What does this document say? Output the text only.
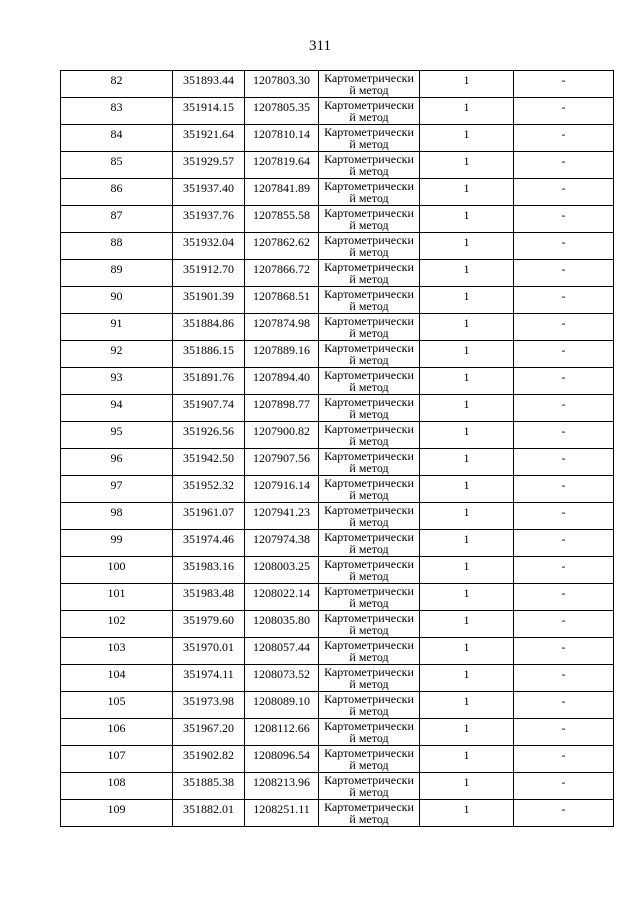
311
82	351893.44	1207803.30	Картометрически
й метод	1	-

83	351914.15	1207805.35	Картометрически
й метод	1	-

84	351921.64	1207810.14	Картометрически
й метод	1	-

85	351929.57	1207819.64	Картометрически
й метод	1	-

86	351937.40	1207841.89	Картометрически
й метод	1	-

87	351937.76	1207855.58	Картометрически
й метод	1	-

88	351932.04	1207862.62	Картометрически
й метод	1	-

89	351912.70	1207866.72	Картометрически
й метод	1	-

90	351901.39	1207868.51	Картометрически
й метод	1	-

91	351884.86	1207874.98	Картометрически
й метод	1	-

92	351886.15	1207889.16	Картометрически
й метод	1	-

93	351891.76	1207894.40	Картометрически
й метод	1	-

94	351907.74	1207898.77	Картометрически
й метод	1	-

95	351926.56	1207900.82	Картометрически
й метод	1	-

96	351942.50	1207907.56	Картометрически
й метод	1	-

97	351952.32	1207916.14	Картометрически
й метод	1	-

98	351961.07	1207941.23	Картометрически
й метод	1	-

99	351974.46	1207974.38	Картометрически
й метод	1	-

100	351983.16	1208003.25	Картометрически
й метод	1	-

101	351983.48	1208022.14	Картометрически
й метод	1	-

102	351979.60	1208035.80	Картометрически
й метод	1	-

103	351970.01	1208057.44	Картометрически
й метод	1	-

104	351974.11	1208073.52	Картометрически
й метод	1	-

105	351973.98	1208089.10	Картометрически
й метод	1	-

106	351967.20	1208112.66	Картометрически
й метод	1	-

107	351902.82	1208096.54	Картометрически
й метод	1	-

108	351885.38	1208213.96	Картометрически
й метод	1	-

109	351882.01	1208251.11	Картометрически
й метод	1	-
